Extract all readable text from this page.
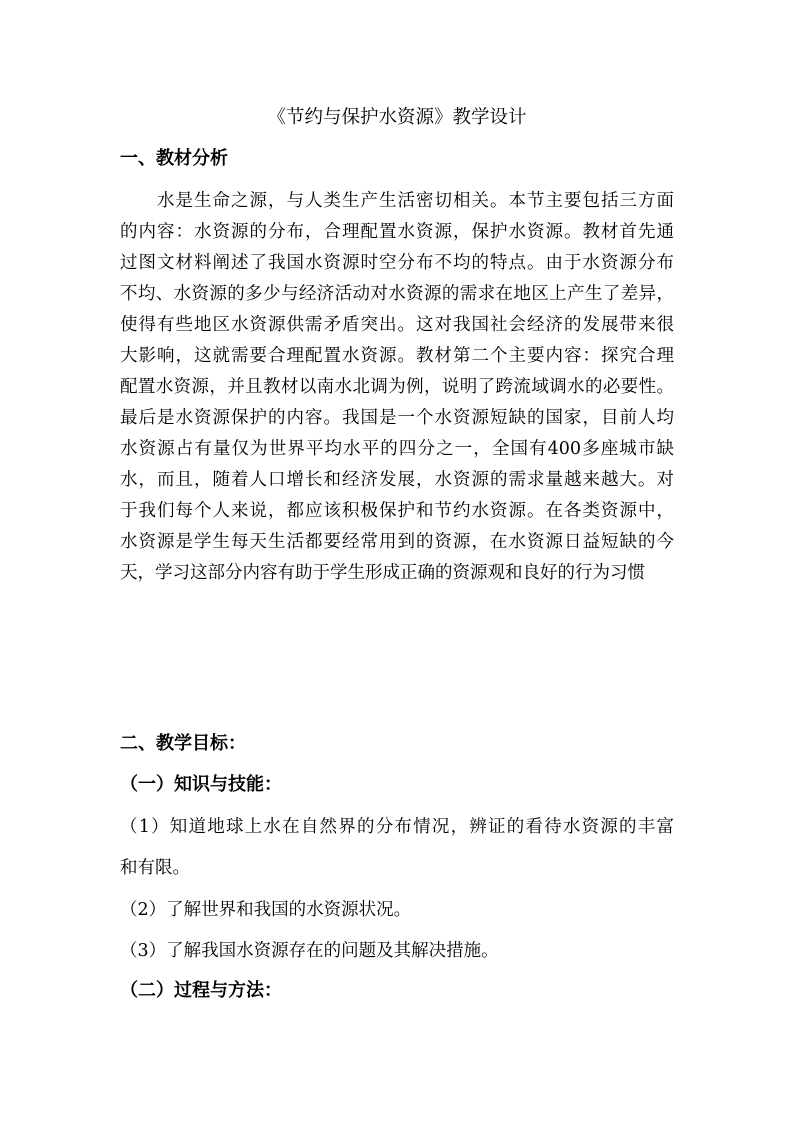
《节约与保护水资源》教学设计
一、教材分析
　　水是生命之源，与人类生产生活密切相关。本节主要包括三方面
的内容：水资源的分布，合理配置水资源，保护水资源。教材首先通
过图文材料阐述了我国水资源时空分布不均的特点。由于水资源分布
不均、水资源的多少与经济活动对水资源的需求在地区上产生了差异，
使得有些地区水资源供需矛盾突出。这对我国社会经济的发展带来很
大影响，这就需要合理配置水资源。教材第二个主要内容：探究合理
配置水资源，并且教材以南水北调为例，说明了跨流域调水的必要性。
最后是水资源保护的内容。我国是一个水资源短缺的国家，目前人均
水资源占有量仅为世界平均水平的四分之一，全国有400多座城市缺
水，而且，随着人口增长和经济发展，水资源的需求量越来越大。对
于我们每个人来说，都应该积极保护和节约水资源。在各类资源中，
水资源是学生每天生活都要经常用到的资源，在水资源日益短缺的今
天，学习这部分内容有助于学生形成正确的资源观和良好的行为习惯
二、教学目标：
（一）知识与技能：
（1）知道地球上水在自然界的分布情况，辨证的看待水资源的丰富
和有限。
（2）了解世界和我国的水资源状况。
（3）了解我国水资源存在的问题及其解决措施。
（二）过程与方法：
